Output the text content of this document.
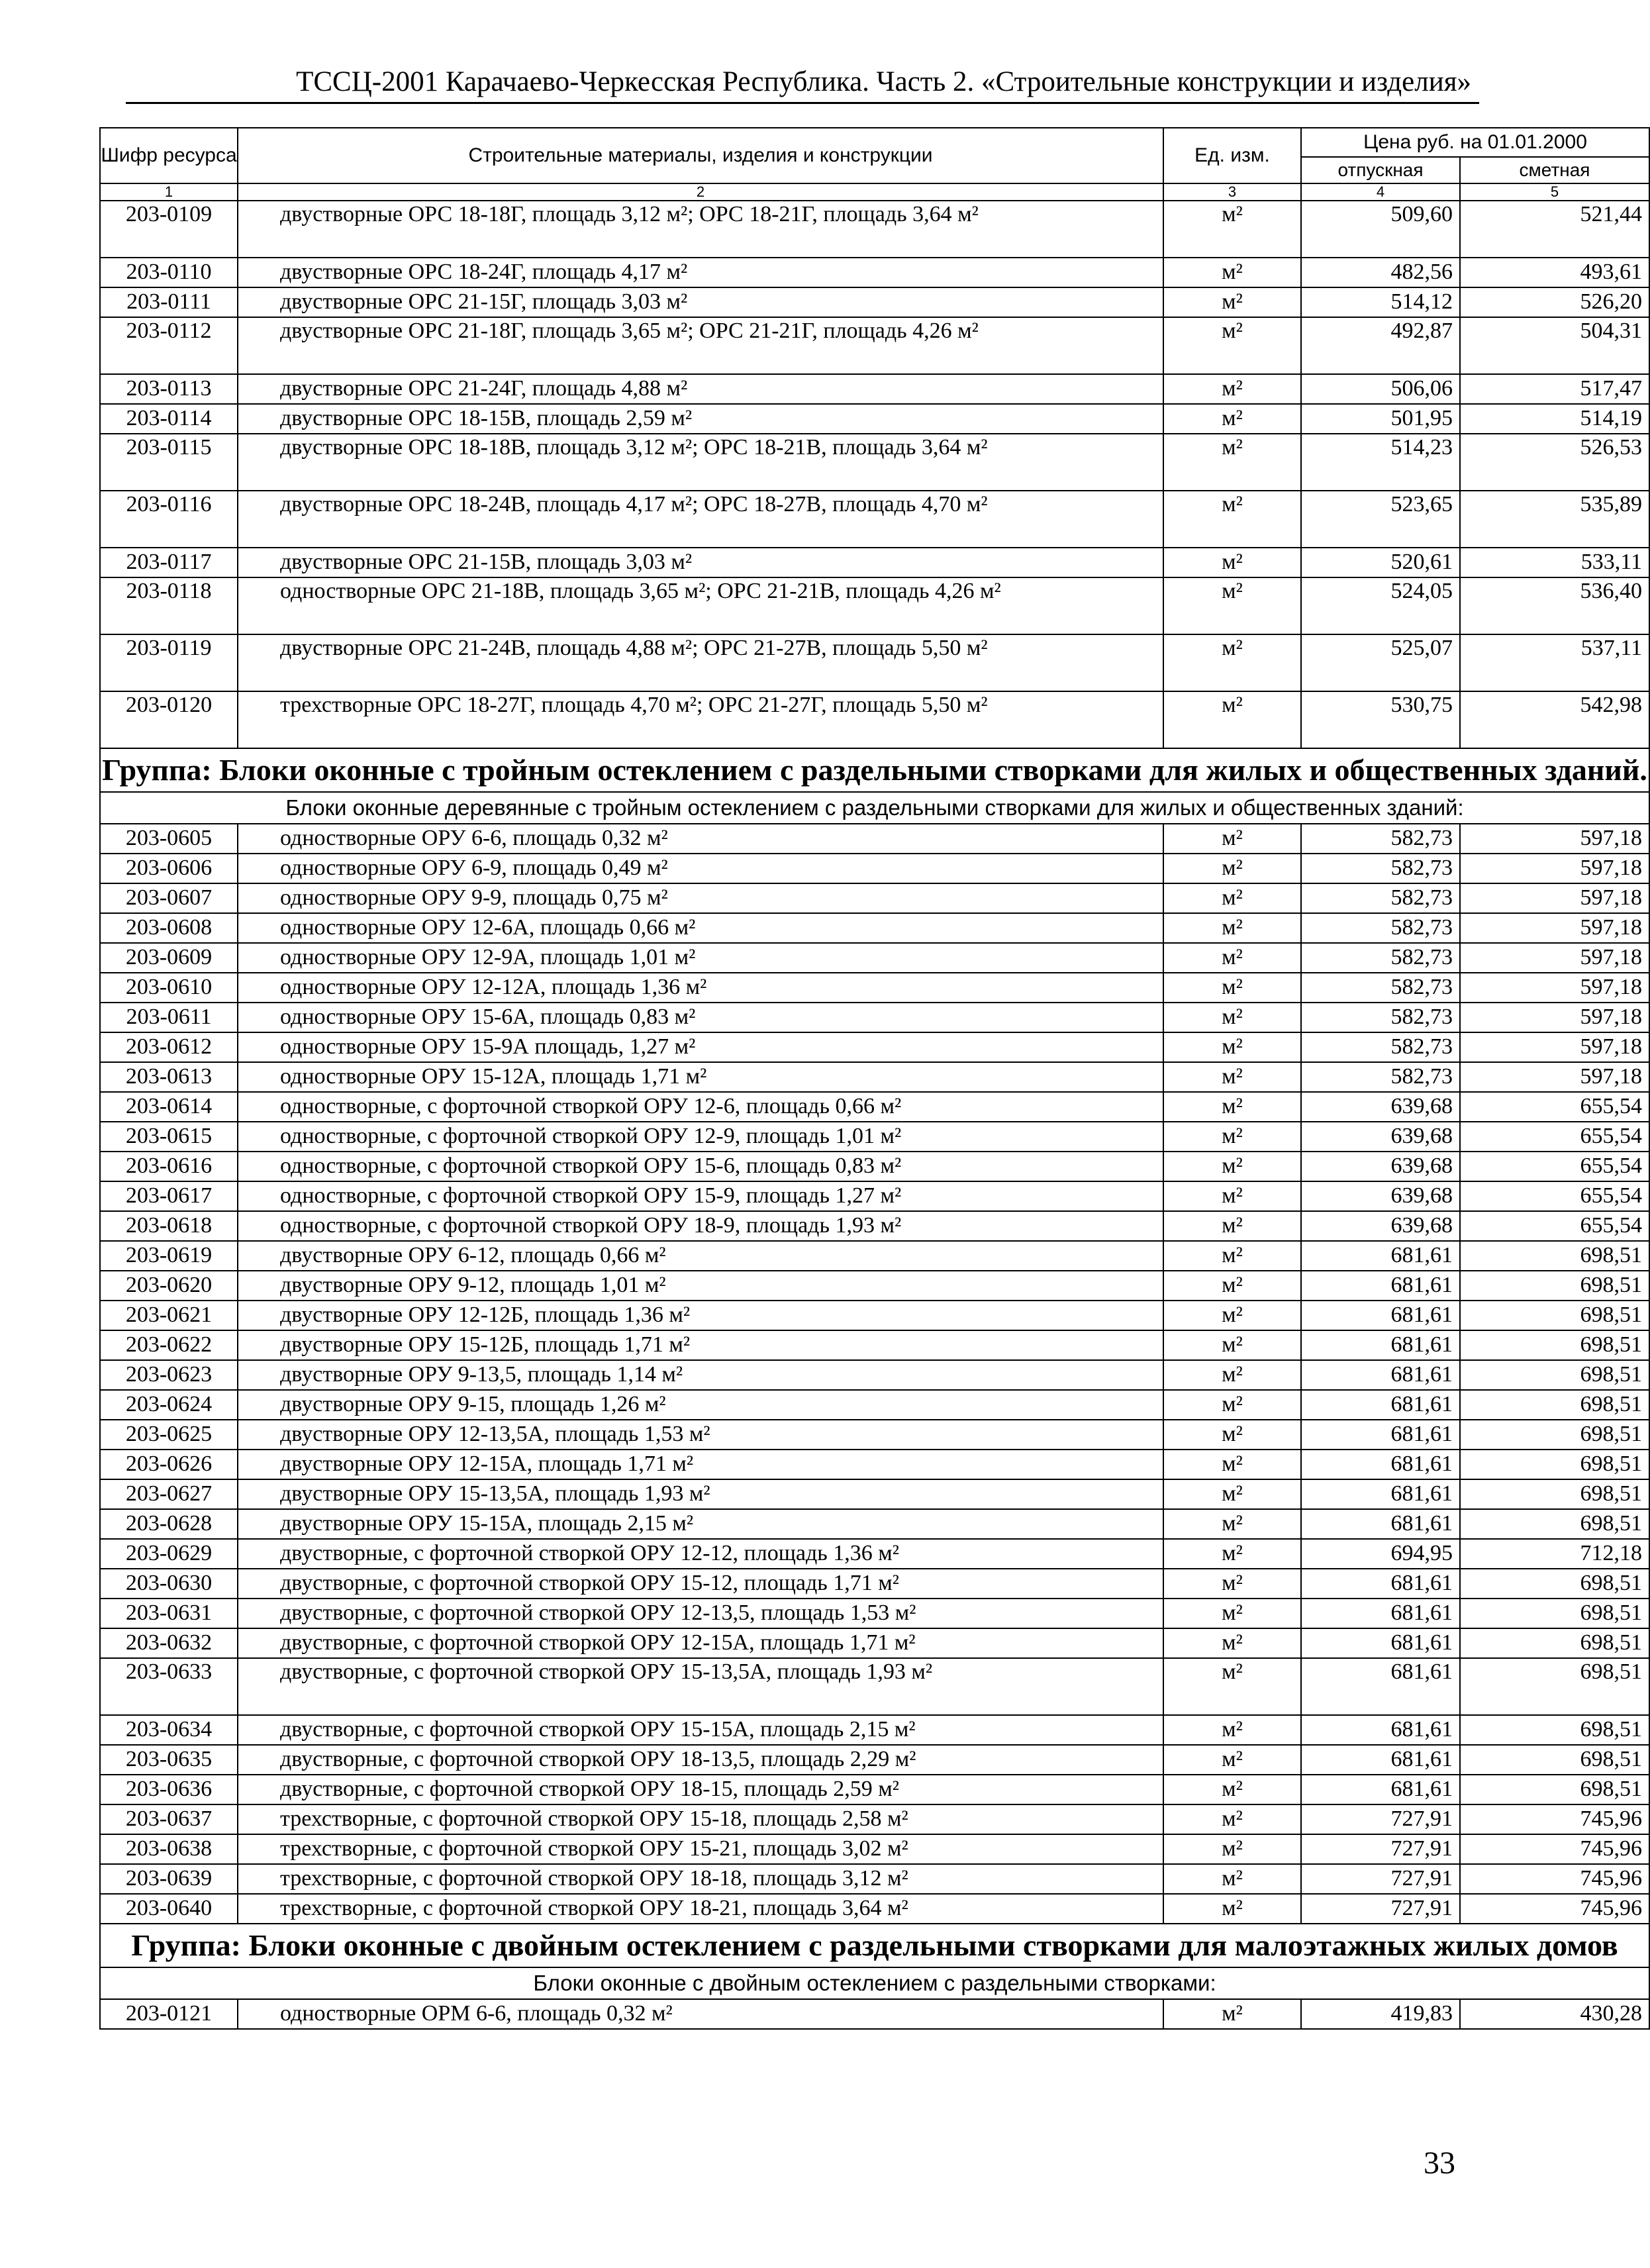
ТССЦ-2001 Карачаево-Черкесская Республика. Часть 2. «Строительные конструкции и изделия»
Шифр ресурса	Строительные материалы, изделия и конструкции		Ед. изм.	Цена руб. на 01.01.2000	
				отпускная	сметная
1	2		3	4	5
203-0109		двустворные ОРС 18-18Г, площадь 3,12 м²; ОРС 18-21Г, площадь 3,64 м²	м²	509,60	521,44
203-0110		двустворные ОРС 18-24Г, площадь 4,17 м²	м²	482,56	493,61
203-0111		двустворные ОРС 21-15Г, площадь 3,03 м²	м²	514,12	526,20
203-0112		двустворные ОРС 21-18Г, площадь 3,65 м²; ОРС 21-21Г, площадь 4,26 м²	м²	492,87	504,31
203-0113		двустворные ОРС 21-24Г, площадь 4,88 м²	м²	506,06	517,47
203-0114		двустворные ОРС 18-15В, площадь 2,59 м²	м²	501,95	514,19
203-0115		двустворные ОРС 18-18В, площадь 3,12 м²; ОРС 18-21В, площадь 3,64 м²	м²	514,23	526,53
203-0116		двустворные ОРС 18-24В, площадь 4,17 м²; ОРС 18-27В, площадь 4,70 м²	м²	523,65	535,89
203-0117		двустворные ОРС 21-15В, площадь 3,03 м²	м²	520,61	533,11
203-0118		одностворные ОРС 21-18В, площадь 3,65 м²; ОРС 21-21В, площадь 4,26 м²	м²	524,05	536,40
203-0119		двустворные ОРС 21-24В, площадь 4,88 м²; ОРС 21-27В, площадь 5,50 м²	м²	525,07	537,11
203-0120		трехстворные ОРС 18-27Г, площадь 4,70 м²; ОРС 21-27Г, площадь 5,50 м²	м²	530,75	542,98
Группа: Блоки оконные с тройным остеклением с раздельными створками для жилых и общественных зданий.					
Блоки оконные деревянные с тройным остеклением с раздельными створками для жилых и общественных зданий:					
203-0605		одностворные ОРУ 6-6, площадь 0,32 м²	м²	582,73	597,18
203-0606		одностворные ОРУ 6-9, площадь 0,49 м²	м²	582,73	597,18
203-0607		одностворные ОРУ 9-9, площадь 0,75 м²	м²	582,73	597,18
203-0608		одностворные ОРУ 12-6А, площадь 0,66 м²	м²	582,73	597,18
203-0609		одностворные ОРУ 12-9А, площадь 1,01 м²	м²	582,73	597,18
203-0610		одностворные ОРУ 12-12А, площадь 1,36 м²	м²	582,73	597,18
203-0611		одностворные ОРУ 15-6А, площадь 0,83 м²	м²	582,73	597,18
203-0612		одностворные ОРУ 15-9А площадь, 1,27 м²	м²	582,73	597,18
203-0613		одностворные ОРУ 15-12А, площадь 1,71 м²	м²	582,73	597,18
203-0614		одностворные, с форточной створкой ОРУ 12-6, площадь 0,66 м²	м²	639,68	655,54
203-0615		одностворные, с форточной створкой ОРУ 12-9, площадь 1,01 м²	м²	639,68	655,54
203-0616		одностворные, с форточной створкой ОРУ 15-6, площадь 0,83 м²	м²	639,68	655,54
203-0617		одностворные, с форточной створкой ОРУ 15-9, площадь 1,27 м²	м²	639,68	655,54
203-0618		одностворные, с форточной створкой ОРУ 18-9, площадь 1,93 м²	м²	639,68	655,54
203-0619		двустворные ОРУ 6-12, площадь 0,66 м²	м²	681,61	698,51
203-0620		двустворные ОРУ 9-12, площадь 1,01 м²	м²	681,61	698,51
203-0621		двустворные ОРУ 12-12Б, площадь 1,36 м²	м²	681,61	698,51
203-0622		двустворные ОРУ 15-12Б, площадь 1,71 м²	м²	681,61	698,51
203-0623		двустворные ОРУ 9-13,5, площадь 1,14 м²	м²	681,61	698,51
203-0624		двустворные ОРУ 9-15, площадь 1,26 м²	м²	681,61	698,51
203-0625		двустворные ОРУ 12-13,5А, площадь 1,53 м²	м²	681,61	698,51
203-0626		двустворные ОРУ 12-15А, площадь 1,71 м²	м²	681,61	698,51
203-0627		двустворные ОРУ 15-13,5А, площадь 1,93 м²	м²	681,61	698,51
203-0628		двустворные ОРУ 15-15А, площадь 2,15 м²	м²	681,61	698,51
203-0629		двустворные, с форточной створкой ОРУ 12-12, площадь 1,36 м²	м²	694,95	712,18
203-0630		двустворные, с форточной створкой ОРУ 15-12, площадь 1,71 м²	м²	681,61	698,51
203-0631		двустворные, с форточной створкой ОРУ 12-13,5, площадь 1,53 м²	м²	681,61	698,51
203-0632		двустворные, с форточной створкой ОРУ 12-15А, площадь 1,71 м²	м²	681,61	698,51
203-0633		двустворные, с форточной створкой ОРУ 15-13,5А, площадь 1,93 м²	м²	681,61	698,51
203-0634		двустворные, с форточной створкой ОРУ 15-15А, площадь 2,15 м²	м²	681,61	698,51
203-0635		двустворные, с форточной створкой ОРУ 18-13,5, площадь 2,29 м²	м²	681,61	698,51
203-0636		двустворные, с форточной створкой ОРУ 18-15, площадь 2,59 м²	м²	681,61	698,51
203-0637		трехстворные, с форточной створкой ОРУ 15-18, площадь 2,58 м²	м²	727,91	745,96
203-0638		трехстворные, с форточной створкой ОРУ 15-21, площадь 3,02 м²	м²	727,91	745,96
203-0639		трехстворные, с форточной створкой ОРУ 18-18, площадь 3,12 м²	м²	727,91	745,96
203-0640		трехстворные, с форточной створкой ОРУ 18-21, площадь 3,64 м²	м²	727,91	745,96
Группа: Блоки оконные с двойным остеклением с раздельными створками для малоэтажных жилых домов					
Блоки оконные с двойным остеклением с раздельными створками:					
203-0121		одностворные ОРМ 6-6, площадь 0,32 м²	м²	419,83	430,28
33
